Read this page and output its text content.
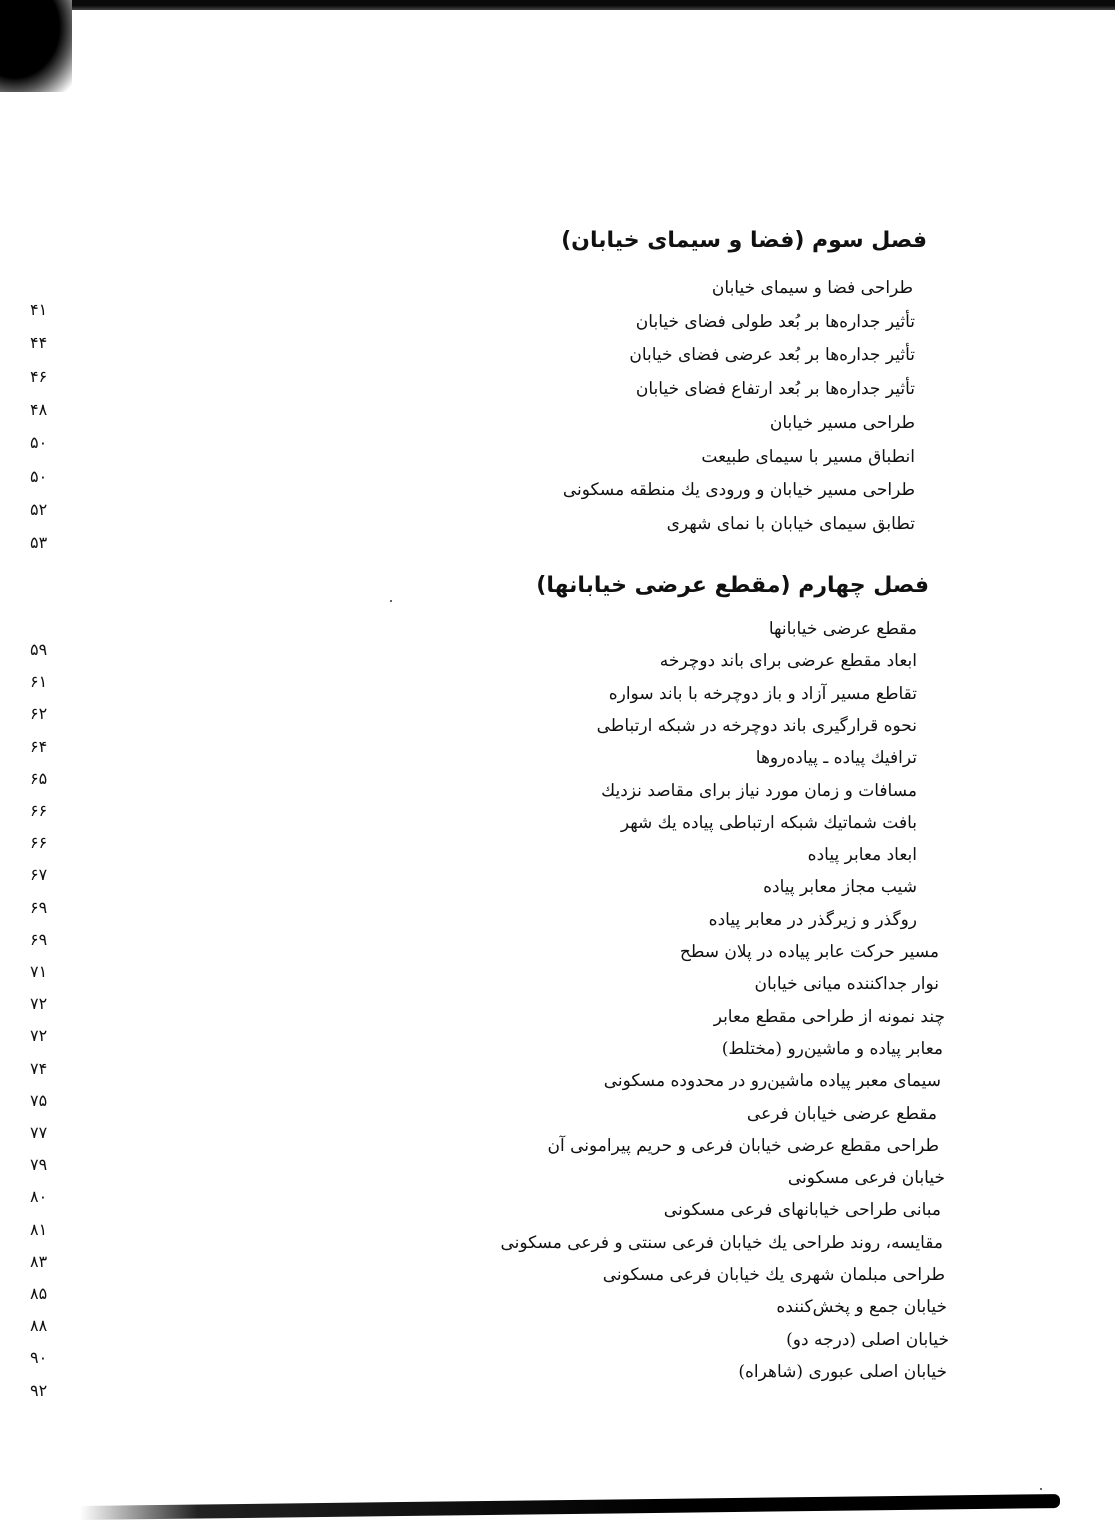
فصل سوم (فضا و سیمای خیابان)
طراحی فضا و سیمای خیابان
تأثیر جداره‌ها بر بُعد طولی فضای خیابان
تأثیر جداره‌ها بر بُعد عرضی فضای خیابان
تأثیر جداره‌ها بر بُعد ارتفاع فضای خیابان
طراحی مسیر خیابان
انطباق مسیر با سیمای طبیعت
طراحی مسیر خیابان و ورودی یك منطقه مسکونی
تطابق سیمای خیابان با نمای شهری
فصل چهارم (مقطع عرضی خیابانها)
مقطع عرضی خیابانها
ابعاد مقطع عرضی برای باند دوچرخه
تقاطع مسیر آزاد و باز دوچرخه با باند سواره
نحوه قرارگیری باند دوچرخه در شبکه ارتباطی
ترافیك پیاده ـ پیاده‌روها
مسافات و زمان مورد نیاز برای مقاصد نزدیك
بافت شماتیك شبکه ارتباطی پیاده یك شهر
ابعاد معابر پیاده
شیب مجاز معابر پیاده
روگذر و زیرگذر در معابر پیاده
مسیر حرکت عابر پیاده در پلان سطح
نوار جداکننده میانی خیابان
چند نمونه از طراحی مقطع معابر
معابر پیاده و ماشین‌رو (مختلط)
سیمای معبر پیاده ماشین‌رو در محدوده مسکونی
مقطع عرضی خیابان فرعی
طراحی مقطع عرضی خیابان فرعی و حریم پیرامونی آن
خیابان فرعی مسکونی
مبانی طراحی خیابانهای فرعی مسکونی
مقایسه، روند طراحی یك خیابان فرعی سنتی و فرعی مسکونی
طراحی مبلمان شهری یك خیابان فرعی مسکونی
خیابان جمع و پخش‌کننده
خیابان اصلی (درجه دو)
خیابان اصلی عبوری (شاهراه)
۴۱
۴۴
۴۶
۴۸
۵۰
۵۰
۵۲
۵۳
۵۹
۶۱
۶۲
۶۴
۶۵
۶۶
۶۶
۶۷
۶۹
۶۹
۷۱
۷۲
۷۲
۷۴
۷۵
۷۷
۷۹
۸۰
۸۱
۸۳
۸۵
۸۸
۹۰
۹۲
